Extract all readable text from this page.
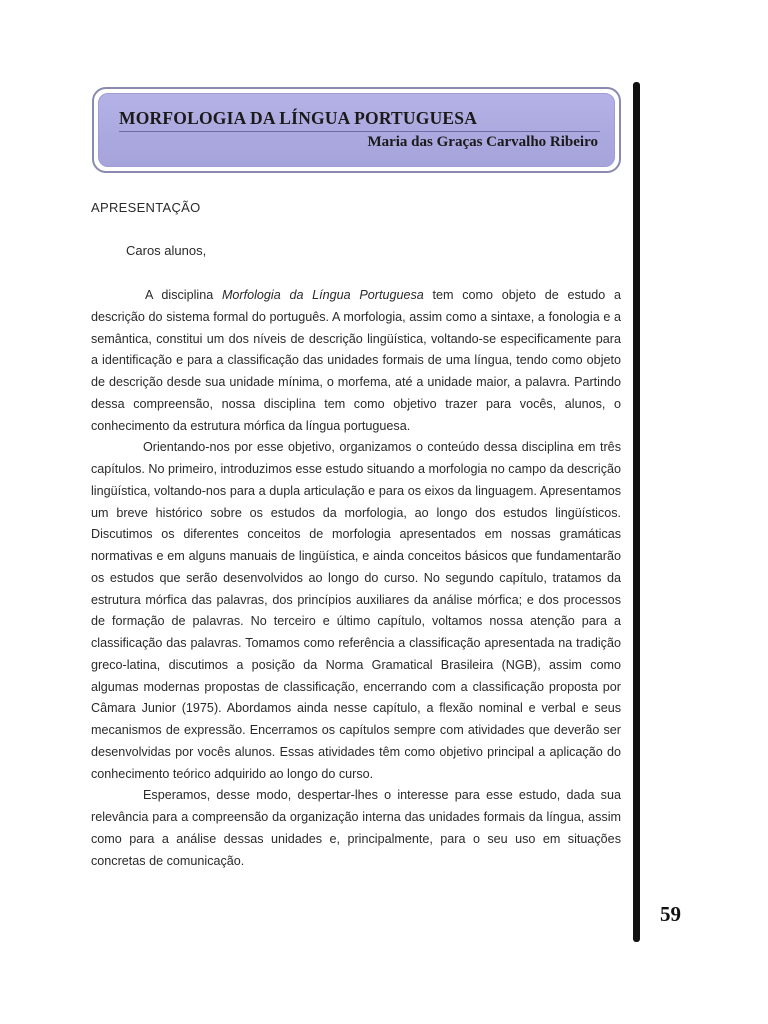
MORFOLOGIA DA LÍNGUA PORTUGUESA

Maria das Graças Carvalho Ribeiro

APRESENTAÇÃO

Caros alunos,

A disciplina Morfologia da Língua Portuguesa tem como objeto de estudo a descrição do sistema formal do português. A morfologia, assim como a sintaxe, a fonologia e a semântica, constitui um dos níveis de descrição lingüística, voltando-se especificamente para a identificação e para a classificação das unidades formais de uma língua, tendo como objeto de descrição desde sua unidade mínima, o morfema, até a unidade maior, a palavra. Partindo dessa compreensão, nossa disciplina tem como objetivo trazer para vocês, alunos, o conhecimento da estrutura mórfica da língua portuguesa.

Orientando-nos por esse objetivo, organizamos o conteúdo dessa disciplina em três capítulos. No primeiro, introduzimos esse estudo situando a morfologia no campo da descrição lingüística, voltando-nos para a dupla articulação e para os eixos da linguagem. Apresentamos um breve histórico sobre os estudos da morfologia, ao longo dos estudos lingüísticos. Discutimos os diferentes conceitos de morfologia apresentados em nossas gramáticas normativas e em alguns manuais de lingüística, e ainda conceitos básicos que fundamentarão os estudos que serão desenvolvidos ao longo do curso. No segundo capítulo, tratamos da estrutura mórfica das palavras, dos princípios auxiliares da análise mórfica; e dos processos de formação de palavras. No terceiro e último capítulo, voltamos nossa atenção para a classificação das palavras. Tomamos como referência a classificação apresentada na tradição greco-latina, discutimos a posição da Norma Gramatical Brasileira (NGB), assim como algumas modernas propostas de classificação, encerrando com a classificação proposta por Câmara Junior (1975). Abordamos ainda nesse capítulo, a flexão nominal e verbal e seus mecanismos de expressão. Encerramos os capítulos sempre com atividades que deverão ser desenvolvidas por vocês alunos. Essas atividades têm como objetivo principal a aplicação do conhecimento teórico adquirido ao longo do curso.

Esperamos, desse modo, despertar-lhes o interesse para esse estudo, dada sua relevância para a compreensão da organização interna das unidades formais da língua, assim como para a análise dessas unidades e, principalmente, para o seu uso em situações concretas de comunicação.

59
